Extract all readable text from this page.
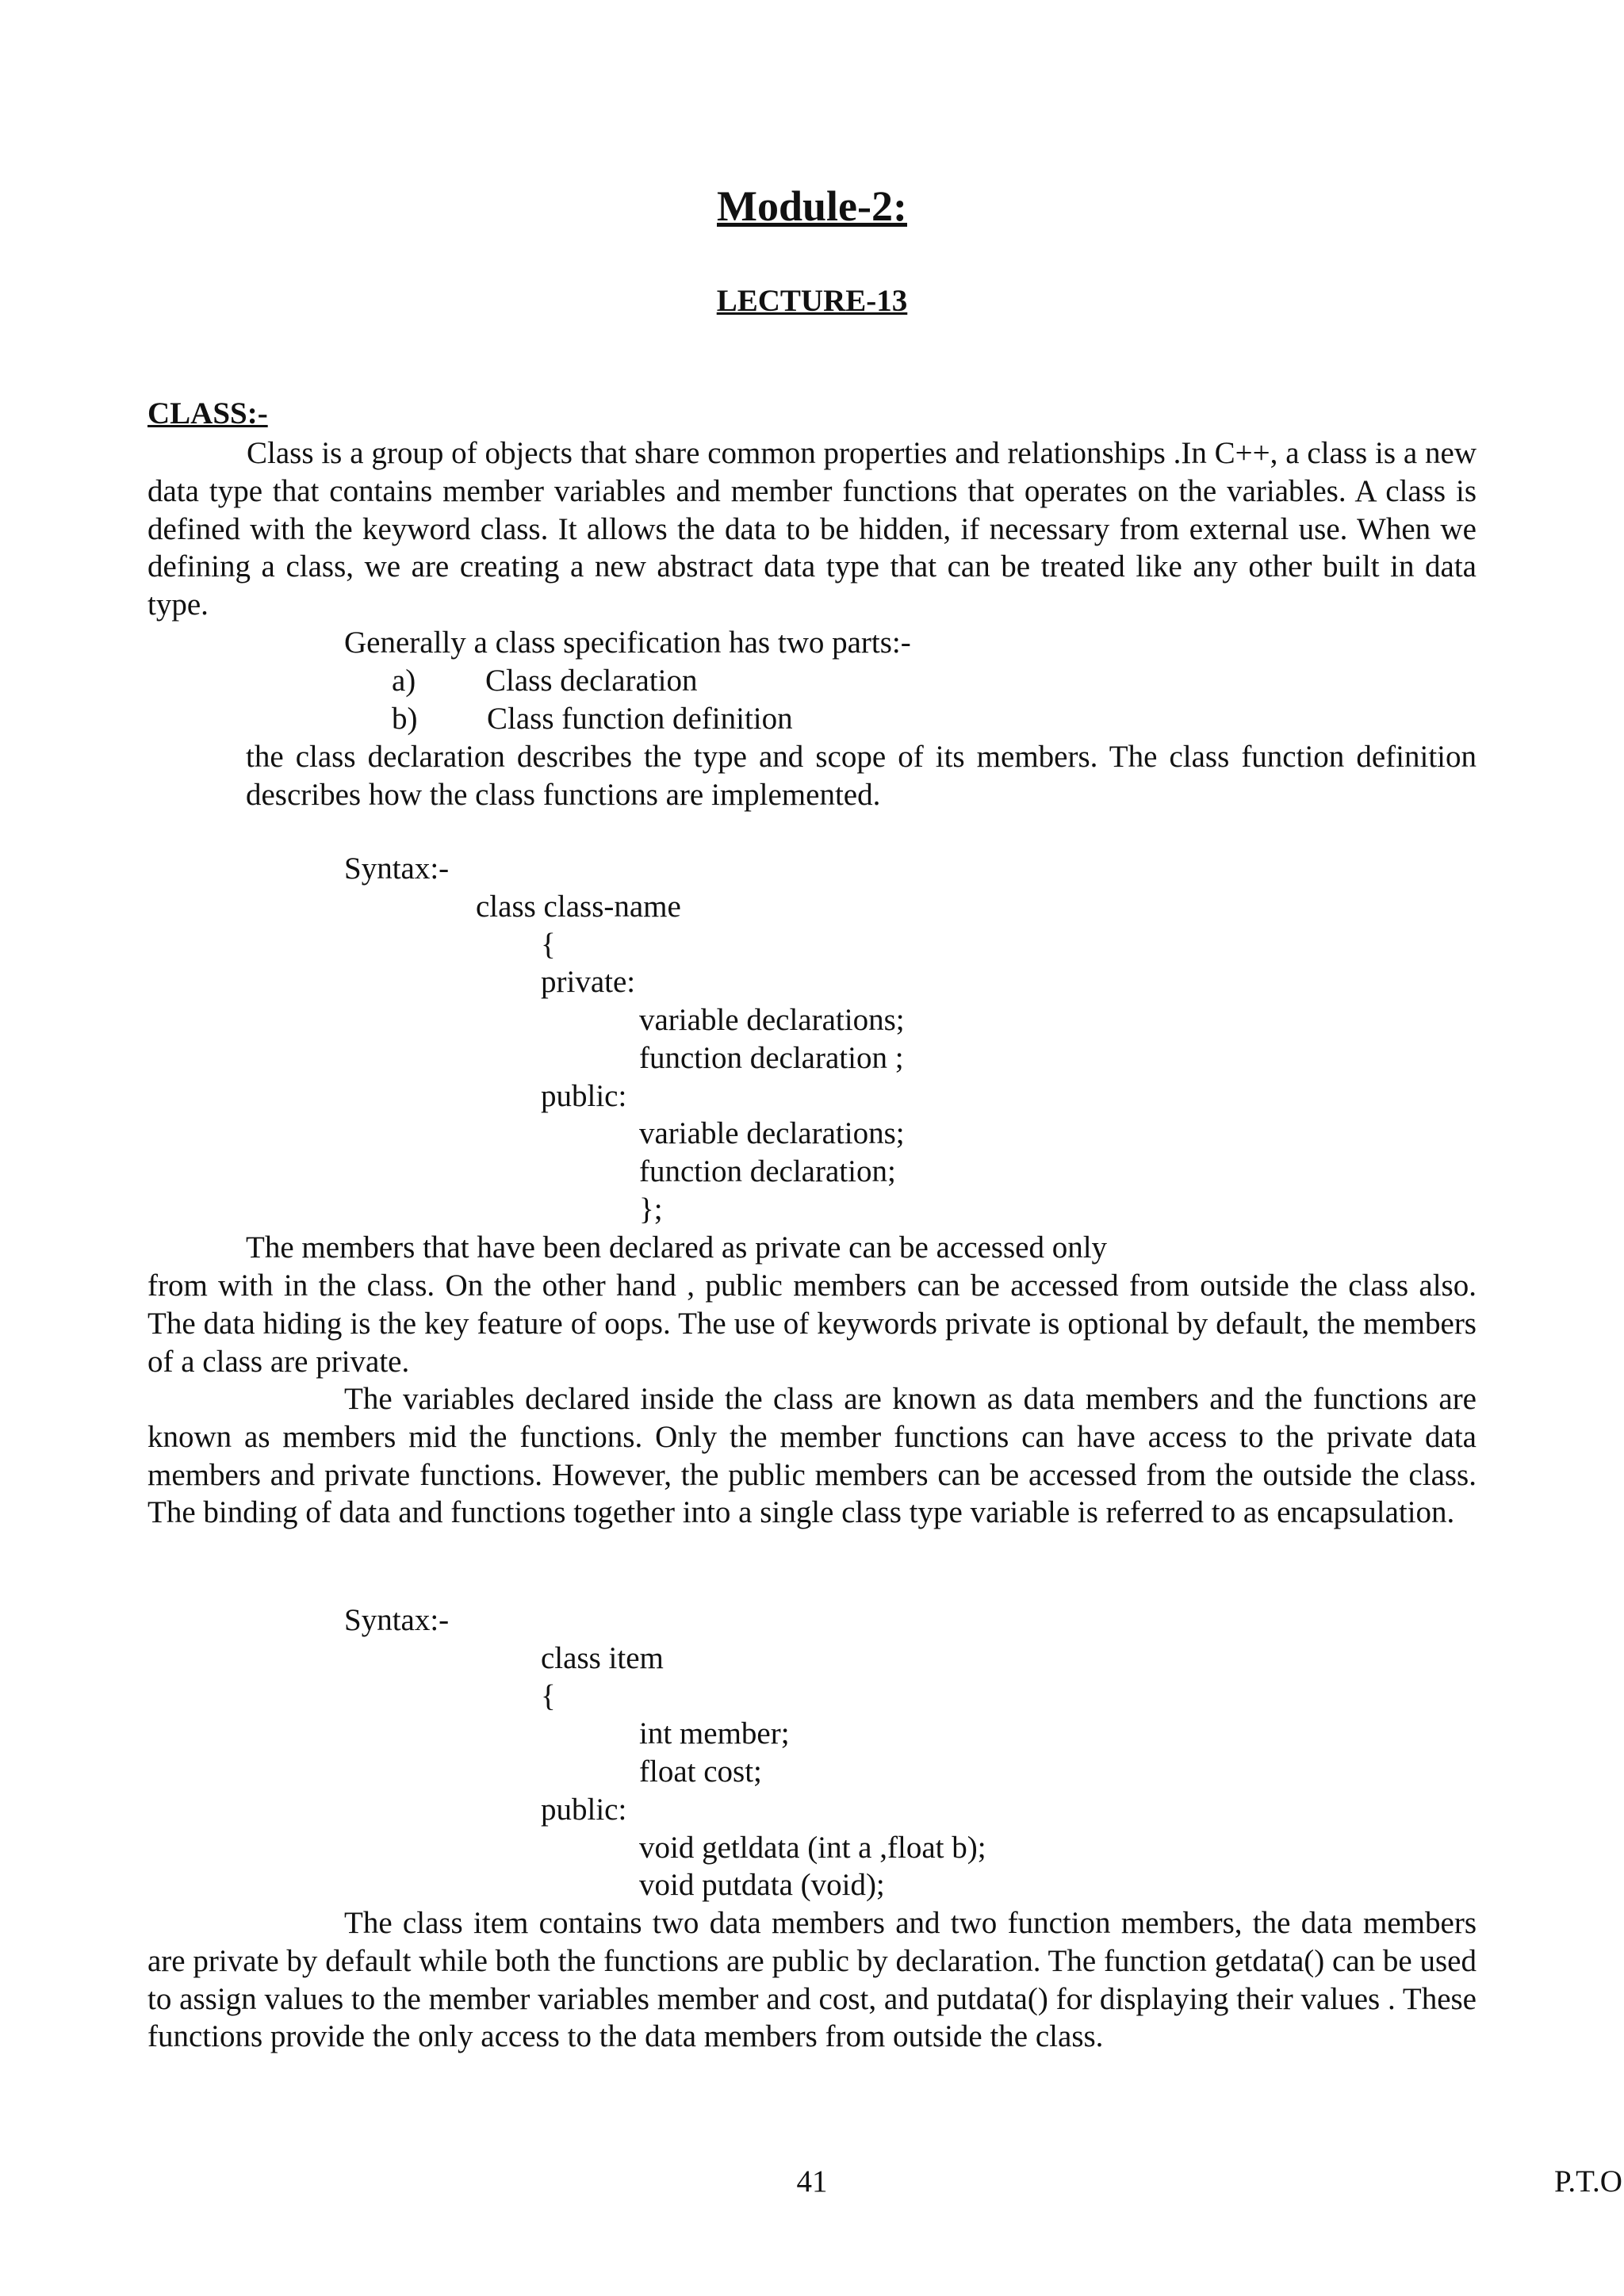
Module-2:
LECTURE-13
CLASS:-

Class is a group of objects that share common properties and relationships .In C++, a class is a new data type that contains member variables and member functions that operates on the variables. A class is defined with the keyword class. It allows the data to be hidden, if necessary from external use. When we defining a class, we are creating a new abstract data type that can be treated like any other built in data type.

Generally a class specification has two parts:-
a) Class declaration
b) Class function definition

the class declaration describes the type and scope of its members. The class function definition describes how the class functions are implemented.

Syntax:-
class class-name
{
private:
variable declarations;
function declaration ;
public:
variable declarations;
function declaration;
};
The members that have been declared as private can be accessed only

from with in the class. On the other hand , public members can be accessed from outside the class also. The data hiding is the key feature of oops. The use of keywords private is optional by default, the members of a class are private.

The variables declared inside the class are known as data members and the functions are known as members mid the functions. Only the member functions can have access to the private data members and private functions. However, the public members can be accessed from the outside the class. The binding of data and functions together into a single class type variable is referred to as encapsulation.

Syntax:-
class item
{
int member;
float cost;
public:
void getldata (int a ,float b);
void putdata (void);

The class item contains two data members and two function members, the data members are private by default while both the functions are public by declaration. The function getdata() can be used to assign values to the member variables member and cost, and putdata() for displaying their values . These functions provide the only access to the data members from outside the class.

41	P.T.O
